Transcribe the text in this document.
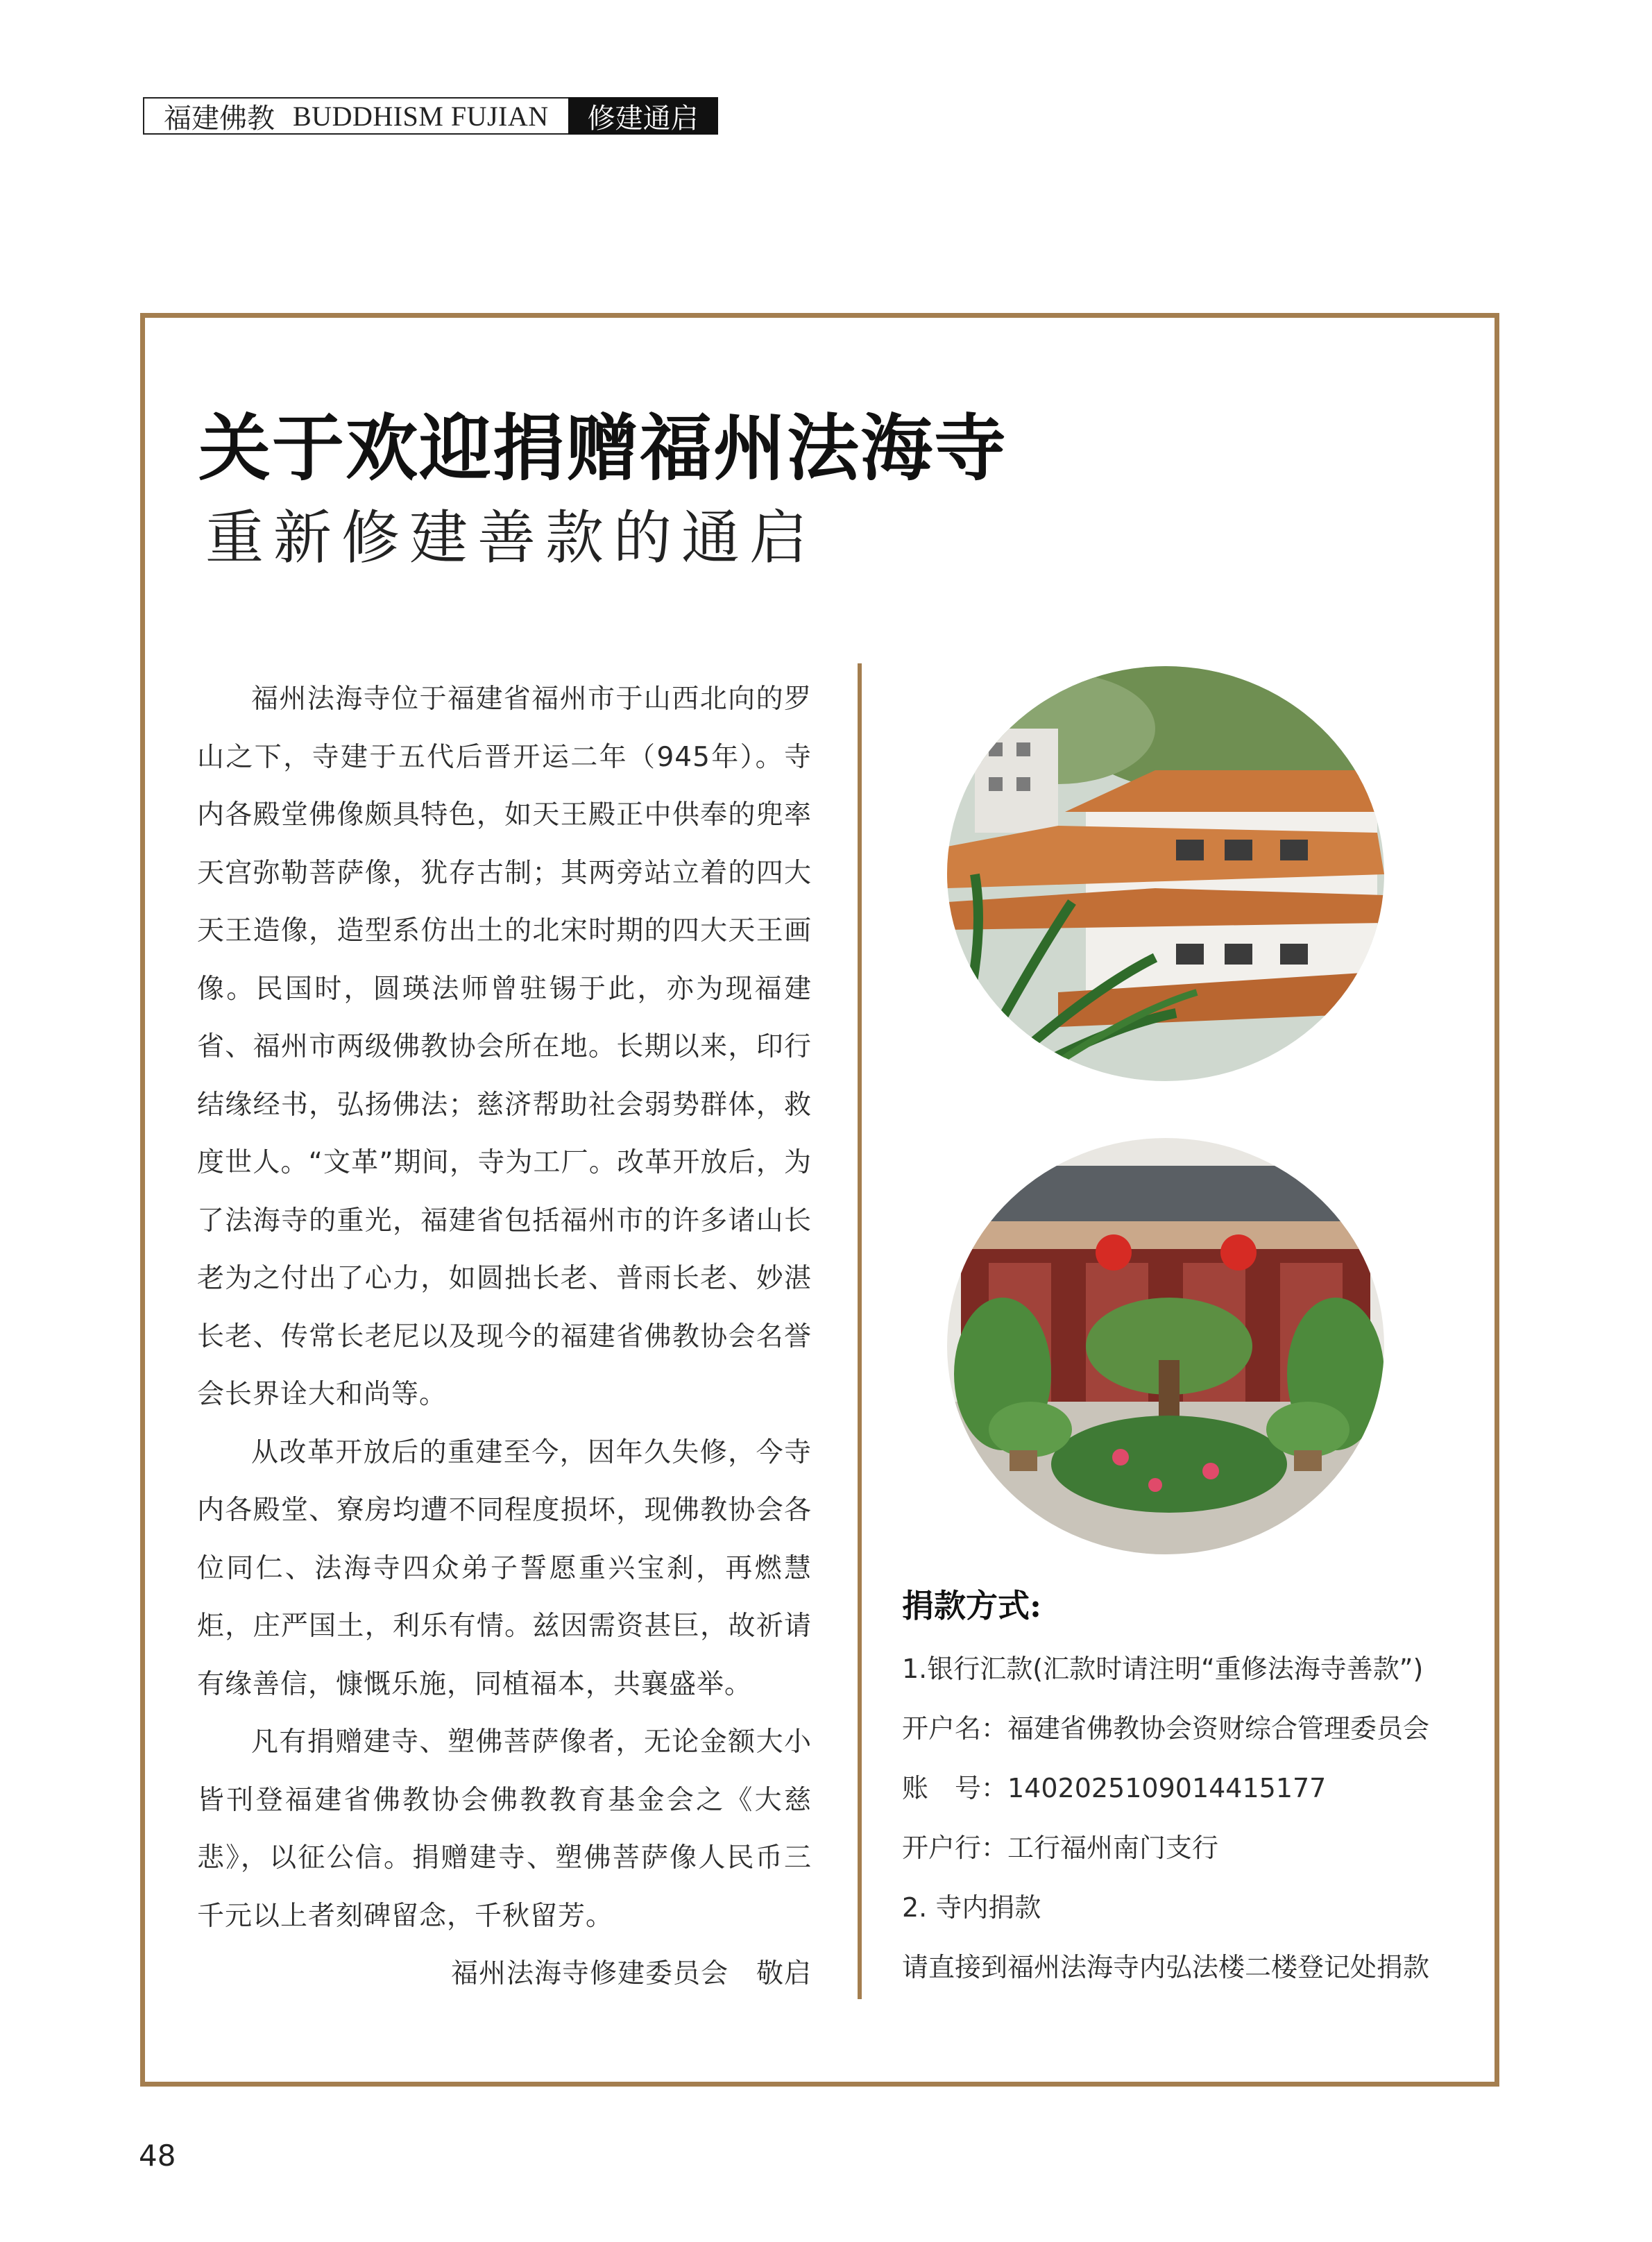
福建佛教 BUDDHISM FUJIAN	修建通启
关于欢迎捐赠福州法海寺
重新修建善款的通启

福州法海寺位于福建省福州市于山西北向的罗山之下，寺建于五代后晋开运二年（945年）。寺内各殿堂佛像颇具特色，如天王殿正中供奉的兜率天宫弥勒菩萨像，犹存古制；其两旁站立着的四大天王造像，造型系仿出土的北宋时期的四大天王画像。民国时，圆瑛法师曾驻锡于此，亦为现福建省、福州市两级佛教协会所在地。长期以来，印行结缘经书，弘扬佛法；慈济帮助社会弱势群体，救度世人。“文革”期间，寺为工厂。改革开放后，为了法海寺的重光，福建省包括福州市的许多诸山长老为之付出了心力，如圆拙长老、普雨长老、妙湛长老、传常长老尼以及现今的福建省佛教协会名誉会长界诠大和尚等。

从改革开放后的重建至今，因年久失修，今寺内各殿堂、寮房均遭不同程度损坏，现佛教协会各位同仁、法海寺四众弟子誓愿重兴宝刹，再燃慧炬，庄严国土，利乐有情。兹因需资甚巨，故祈请有缘善信，慷慨乐施，同植福本，共襄盛举。

凡有捐赠建寺、塑佛菩萨像者，无论金额大小皆刊登福建省佛教协会佛教教育基金会之《大慈悲》，以征公信。捐赠建寺、塑佛菩萨像人民币三千元以上者刻碑留念，千秋留芳。

福州法海寺修建委员会　敬启

捐款方式:
1.银行汇款(汇款时请注明“重修法海寺善款”)
开户名：福建省佛教协会资财综合管理委员会
账　号：1402025109014415177
开户行：工行福州南门支行
2. 寺内捐款
请直接到福州法海寺内弘法楼二楼登记处捐款
48
